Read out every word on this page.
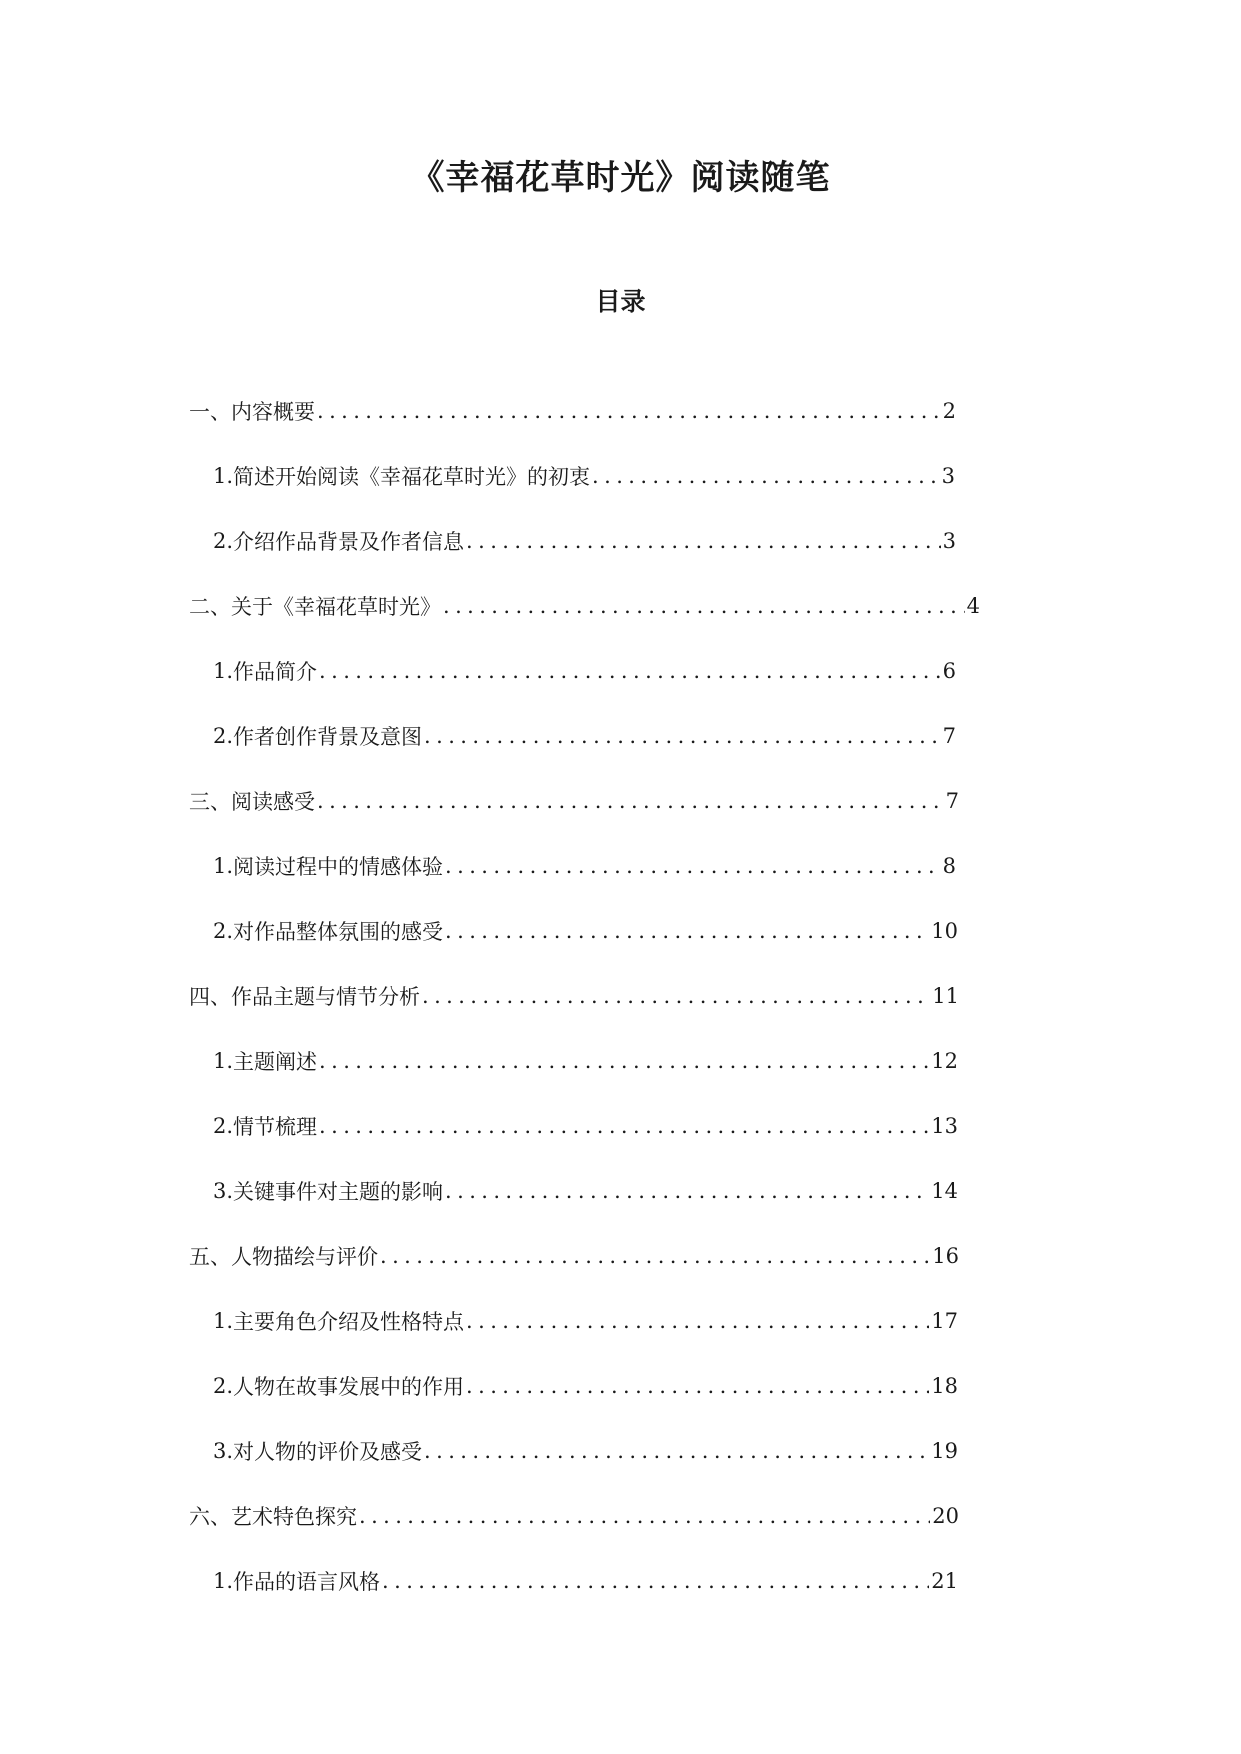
《幸福花草时光》阅读随笔
目录
一、内容概要 .....	2
1. 简述开始阅读《幸福花草时光》的初衷 .....	3
2. 介绍作品背景及作者信息 .....	3
二、关于《幸福花草时光》 .....	4
1. 作品简介 .....	6
2. 作者创作背景及意图 .....	7
三、阅读感受 .....	7
1. 阅读过程中的情感体验 .....	8
2. 对作品整体氛围的感受 .....	10
四、作品主题与情节分析 .....	11
1. 主题阐述 .....	12
2. 情节梳理 .....	13
3. 关键事件对主题的影响 .....	14
五、人物描绘与评价 .....	16
1. 主要角色介绍及性格特点 .....	17
2. 人物在故事发展中的作用 .....	18
3. 对人物的评价及感受 .....	19
六、艺术特色探究 .....	20
1. 作品的语言风格 .....	21
